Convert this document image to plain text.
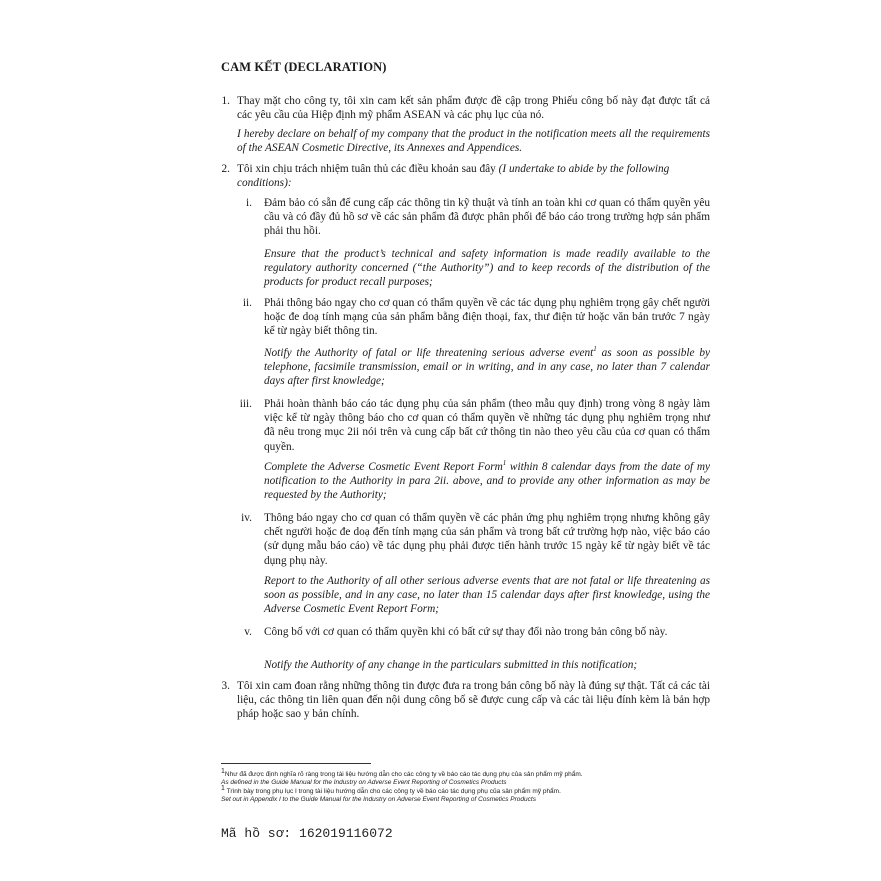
CAM KẾT (DECLARATION)
1. Thay mặt cho công ty, tôi xin cam kết sản phẩm được đề cập trong Phiếu công bố này đạt được tất cả các yêu cầu của Hiệp định mỹ phẩm ASEAN và các phụ lục của nó.
I hereby declare on behalf of my company that the product in the notification meets all the requirements of the ASEAN Cosmetic Directive, its Annexes and Appendices.
2. Tôi xin chịu trách nhiệm tuân thủ các điều khoản sau đây (I undertake to abide by the following conditions):
i. Đảm bảo có sẵn để cung cấp các thông tin kỹ thuật và tính an toàn khi cơ quan có thẩm quyền yêu cầu và có đầy đủ hồ sơ về các sản phẩm đã được phân phối để báo cáo trong trường hợp sản phẩm phải thu hồi.
Ensure that the product’s technical and safety information is made readily available to the regulatory authority concerned (“the Authority”) and to keep records of the distribution of the products for product recall purposes;
ii. Phải thông báo ngay cho cơ quan có thẩm quyền về các tác dụng phụ nghiêm trọng gây chết người hoặc đe doạ tính mạng của sản phẩm bằng điện thoại, fax, thư điện tử hoặc văn bản trước 7 ngày kể từ ngày biết thông tin.
Notify the Authority of fatal or life threatening serious adverse event$^1$ as soon as possible by telephone, facsimile transmission, email or in writing, and in any case, no later than 7 calendar days after first knowledge;
iii. Phải hoàn thành báo cáo tác dụng phụ của sản phẩm (theo mẫu quy định) trong vòng 8 ngày làm việc kể từ ngày thông báo cho cơ quan có thẩm quyền về những tác dụng phụ nghiêm trọng như đã nêu trong mục 2ii nói trên và cung cấp bất cứ thông tin nào theo yêu cầu của cơ quan có thẩm quyền.
Complete the Adverse Cosmetic Event Report Form$^1$ within 8 calendar days from the date of my notification to the Authority in para 2ii. above, and to provide any other information as may be requested by the Authority;
iv. Thông báo ngay cho cơ quan có thẩm quyền về các phản ứng phụ nghiêm trọng nhưng không gây chết người hoặc đe doạ đến tính mạng của sản phẩm và trong bất cứ trường hợp nào, việc báo cáo (sử dụng mẫu báo cáo) về tác dụng phụ phải được tiến hành trước 15 ngày kể từ ngày biết về tác dụng phụ này.
Report to the Authority of all other serious adverse events that are not fatal or life threatening as soon as possible, and in any case, no later than 15 calendar days after first knowledge, using the Adverse Cosmetic Event Report Form;
v. Công bố với cơ quan có thẩm quyền khi có bất cứ sự thay đổi nào trong bản công bố này.
Notify the Authority of any change in the particulars submitted in this notification;
3. Tôi xin cam đoan rằng những thông tin được đưa ra trong bản công bố này là đúng sự thật. Tất cả các tài liệu, các thông tin liên quan đến nội dung công bố sẽ được cung cấp và các tài liệu đính kèm là bản hợp pháp hoặc sao y bản chính.
$^1$Như đã được định nghĩa rõ ràng trong tài liệu hướng dẫn cho các công ty về báo cáo tác dụng phụ của sản phẩm mỹ phẩm.
As defined in the Guide Manual for the Industry on Adverse Event Reporting of Cosmetics Products
$^1$ Trình bày trong phụ lục I trong tài liệu hướng dẫn cho các công ty về báo cáo tác dụng phụ của sản phẩm mỹ phẩm.
Set out in Appendix I to the Guide Manual for the Industry on Adverse Event Reporting of Cosmetics Products
Mã hồ sơ: 162019116072
